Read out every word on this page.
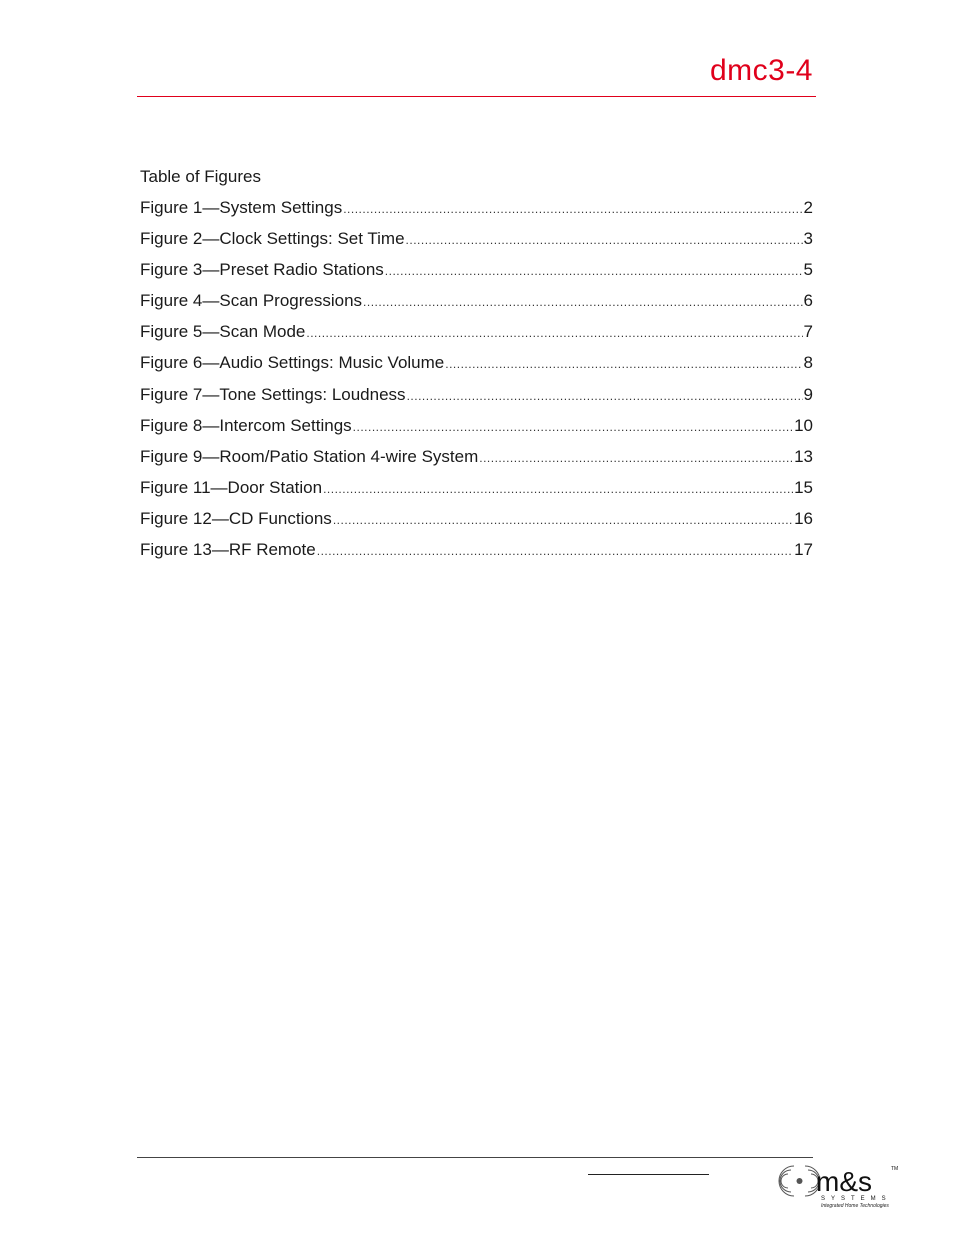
dmc3-4
Table of Figures
Figure 1—System Settings .....	2
Figure 2—Clock Settings: Set Time .....	3
Figure 3—Preset Radio Stations .....	5
Figure 4—Scan Progressions .....	6
Figure 5—Scan Mode .....	7
Figure 6—Audio Settings: Music Volume .....	8
Figure 7—Tone Settings: Loudness .....	9
Figure 8—Intercom Settings .....	10
Figure 9—Room/Patio Station 4-wire System .....	13
Figure 11—Door Station .....	15
Figure 12—CD Functions .....	16
Figure 13—RF Remote .....	17
m&s	TM
SYSTEMS
Integrated Home Technologies
